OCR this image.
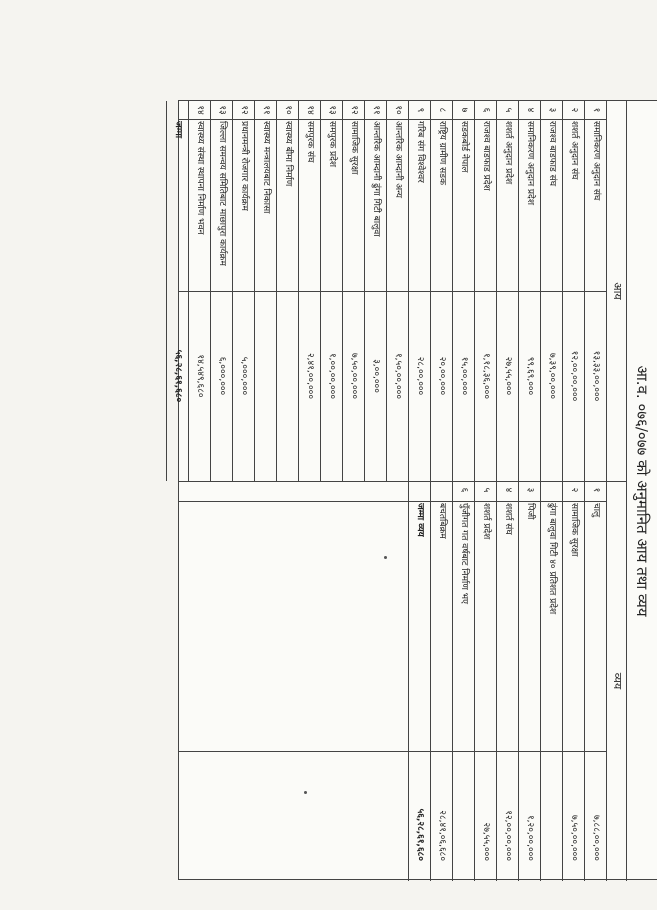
आ.व. ०७६/०७७ को अनुमानित आय तथा व्यय
आय
व्यय
१
समानिकरण अनुदान संघ
१३,३३,००,०००
२
शशर्त अनुदान संघ
१२,००,००,०००
३
राजश्व बाडफाड संघ
७,३९,००,०००
४
समानिकरण अनुदान प्रदेश
९९,६९,०००
५
शशर्त अनुदान प्रदेश
२७,५५,०००
६
राजश्व बाडफाड प्रदेश
१,१८,३६,०००
७
सडकबोर्ड नेपाल
१५,००,०००
८
राष्ट्रिय ग्रामीण सडक
२०,००,०००
९
गरिब संग विश्वेश्वर
२८,००,०००
१०
आन्तरिक आम्दानी अन्य
१,५०,००,०००
११
आन्तरिक आम्दानी ढुंगा गिटी बालुवा
३,००,०००
१२
सामाजिक सुरक्षा
७,५०,००,०००
१३
समपुरक प्रदेश
१,००,००,०००
१४
समपुरक संघ
२,४१,००,०००
१०
स्वास्थ्य बीमा निर्माण
११
स्वास्थ्य मन्त्रालयबाट निकासा
१२
प्रधानमन्त्री रोजगार कार्यक्रम
५,०००,०००
१३
जिल्ला समन्वय समितिबाट माछापुरा कार्यक्रम
६,०००,०००
१४
स्वास्थ्य संस्था स्थापना निर्माण भवन
१४,५४९,६८०
जम्मा
५६,२८,६१,६८०
१
चालु
७,८८,००,०००
२
सामाजिक सुरक्षा
७,५०,००,०००
ढुंगा बालुवा गिटी ४० प्रतिशत प्रदेश
३
पिजी
१,२०,००,०००
४
शशर्त संघ
१२,००,००,०००
५
शशर्त प्रदेश
२७,५५,०००
६
पुँजीगत गत वर्षबाट निर्माण भए
बचतबिक्रम
२८,४१,०६,६८०
जम्मा व्यय
५६,२८,६१,६८०
